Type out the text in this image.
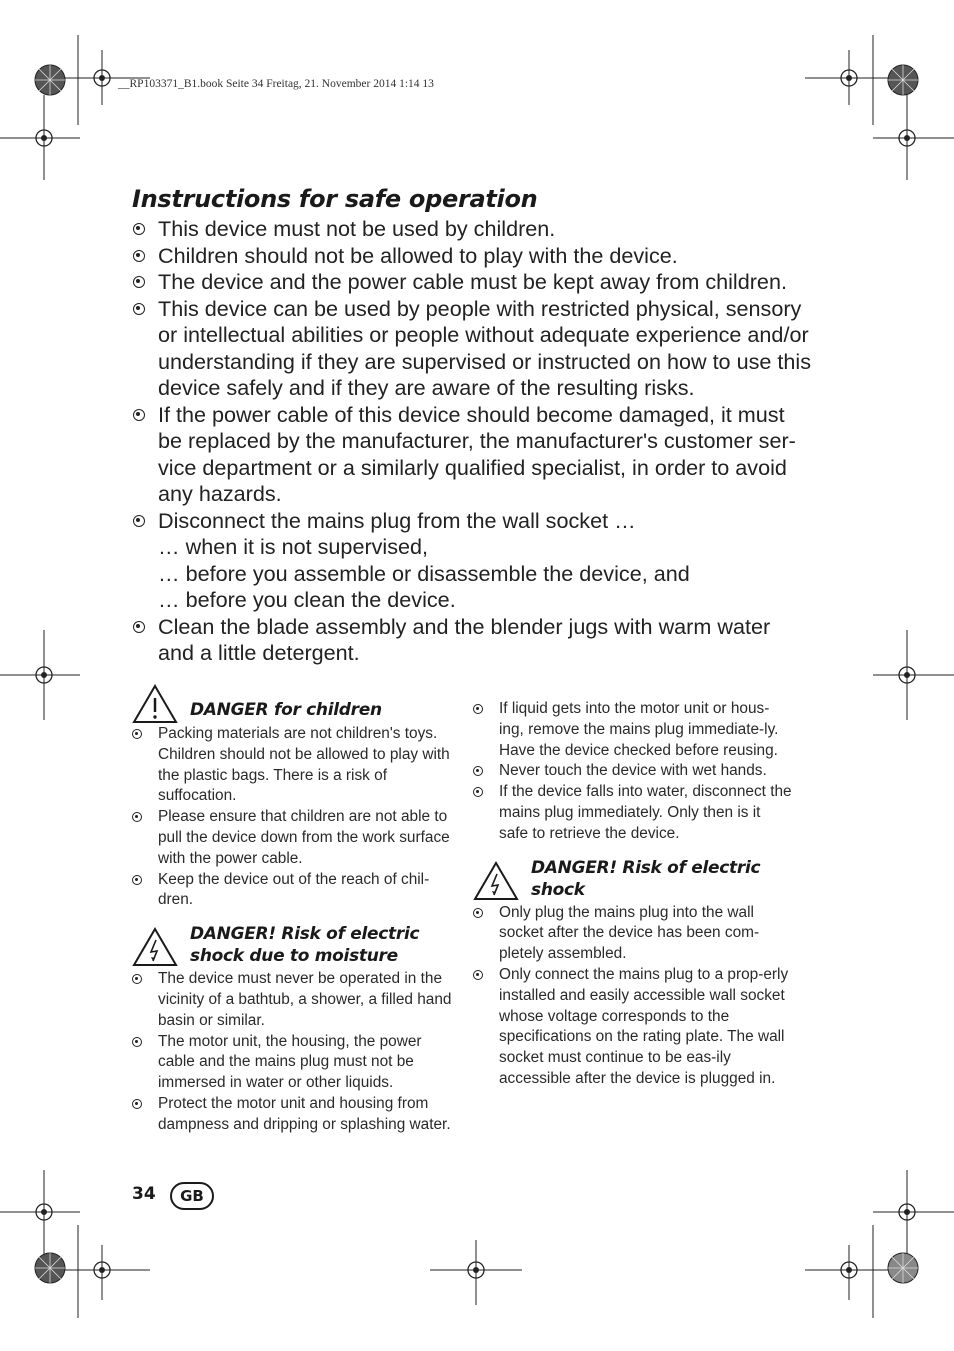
__RP103371_B1.book Seite 34 Freitag, 21. November 2014 1:14 13
Instructions for safe operation
This device must not be used by children.
Children should not be allowed to play with the device.
The device and the power cable must be kept away from children.
This device can be used by people with restricted physical, sensory or intellectual abilities or people without adequate experience and/or understanding if they are supervised or instructed on how to use this device safely and if they are aware of the resulting risks.
If the power cable of this device should become damaged, it must be replaced by the manufacturer, the manufacturer's customer ser-vice department or a similarly qualified specialist, in order to avoid any hazards.
Disconnect the mains plug from the wall socket …
… when it is not supervised,
… before you assemble or disassemble the device, and
… before you clean the device.
Clean the blade assembly and the blender jugs with warm water and a little detergent.
DANGER for children
Packing materials are not children's toys. Children should not be allowed to play with the plastic bags. There is a risk of suffocation.
Please ensure that children are not able to pull the device down from the work surface with the power cable.
Keep the device out of the reach of chil-dren.
DANGER! Risk of electric shock due to moisture
The device must never be operated in the vicinity of a bathtub, a shower, a filled hand basin or similar.
The motor unit, the housing, the power cable and the mains plug must not be immersed in water or other liquids.
Protect the motor unit and housing from dampness and dripping or splashing water.
If liquid gets into the motor unit or hous-ing, remove the mains plug immediate-ly. Have the device checked before reusing.
Never touch the device with wet hands.
If the device falls into water, disconnect the mains plug immediately. Only then is it safe to retrieve the device.
DANGER! Risk of electric shock
Only plug the mains plug into the wall socket after the device has been com-pletely assembled.
Only connect the mains plug to a prop-erly installed and easily accessible wall socket whose voltage corresponds to the specifications on the rating plate. The wall socket must continue to be eas-ily accessible after the device is plugged in.
34	GB
